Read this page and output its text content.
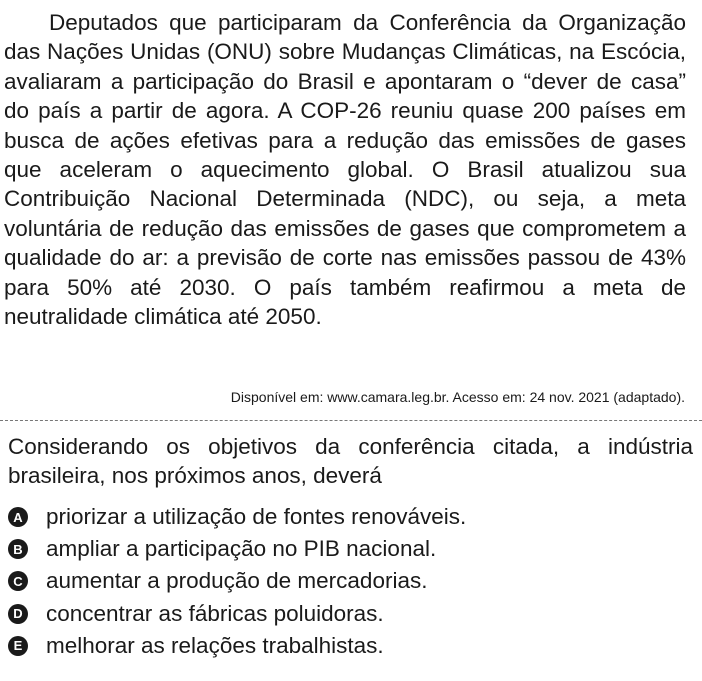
Deputados que participaram da Conferência da Organização das Nações Unidas (ONU) sobre Mudanças Climáticas, na Escócia, avaliaram a participação do Brasil e apontaram o “dever de casa” do país a partir de agora. A COP-26 reuniu quase 200 países em busca de ações efetivas para a redução das emissões de gases que aceleram o aquecimento global. O Brasil atualizou sua Contribuição Nacional Determinada (NDC), ou seja, a meta voluntária de redução das emissões de gases que comprometem a qualidade do ar: a previsão de corte nas emissões passou de 43% para 50% até 2030. O país também reafirmou a meta de neutralidade climática até 2050.

Disponível em: www.camara.leg.br. Acesso em: 24 nov. 2021 (adaptado).

Considerando os objetivos da conferência citada, a indústria brasileira, nos próximos anos, deverá

A priorizar a utilização de fontes renováveis.
B ampliar a participação no PIB nacional.
C aumentar a produção de mercadorias.
D concentrar as fábricas poluidoras.
E melhorar as relações trabalhistas.
